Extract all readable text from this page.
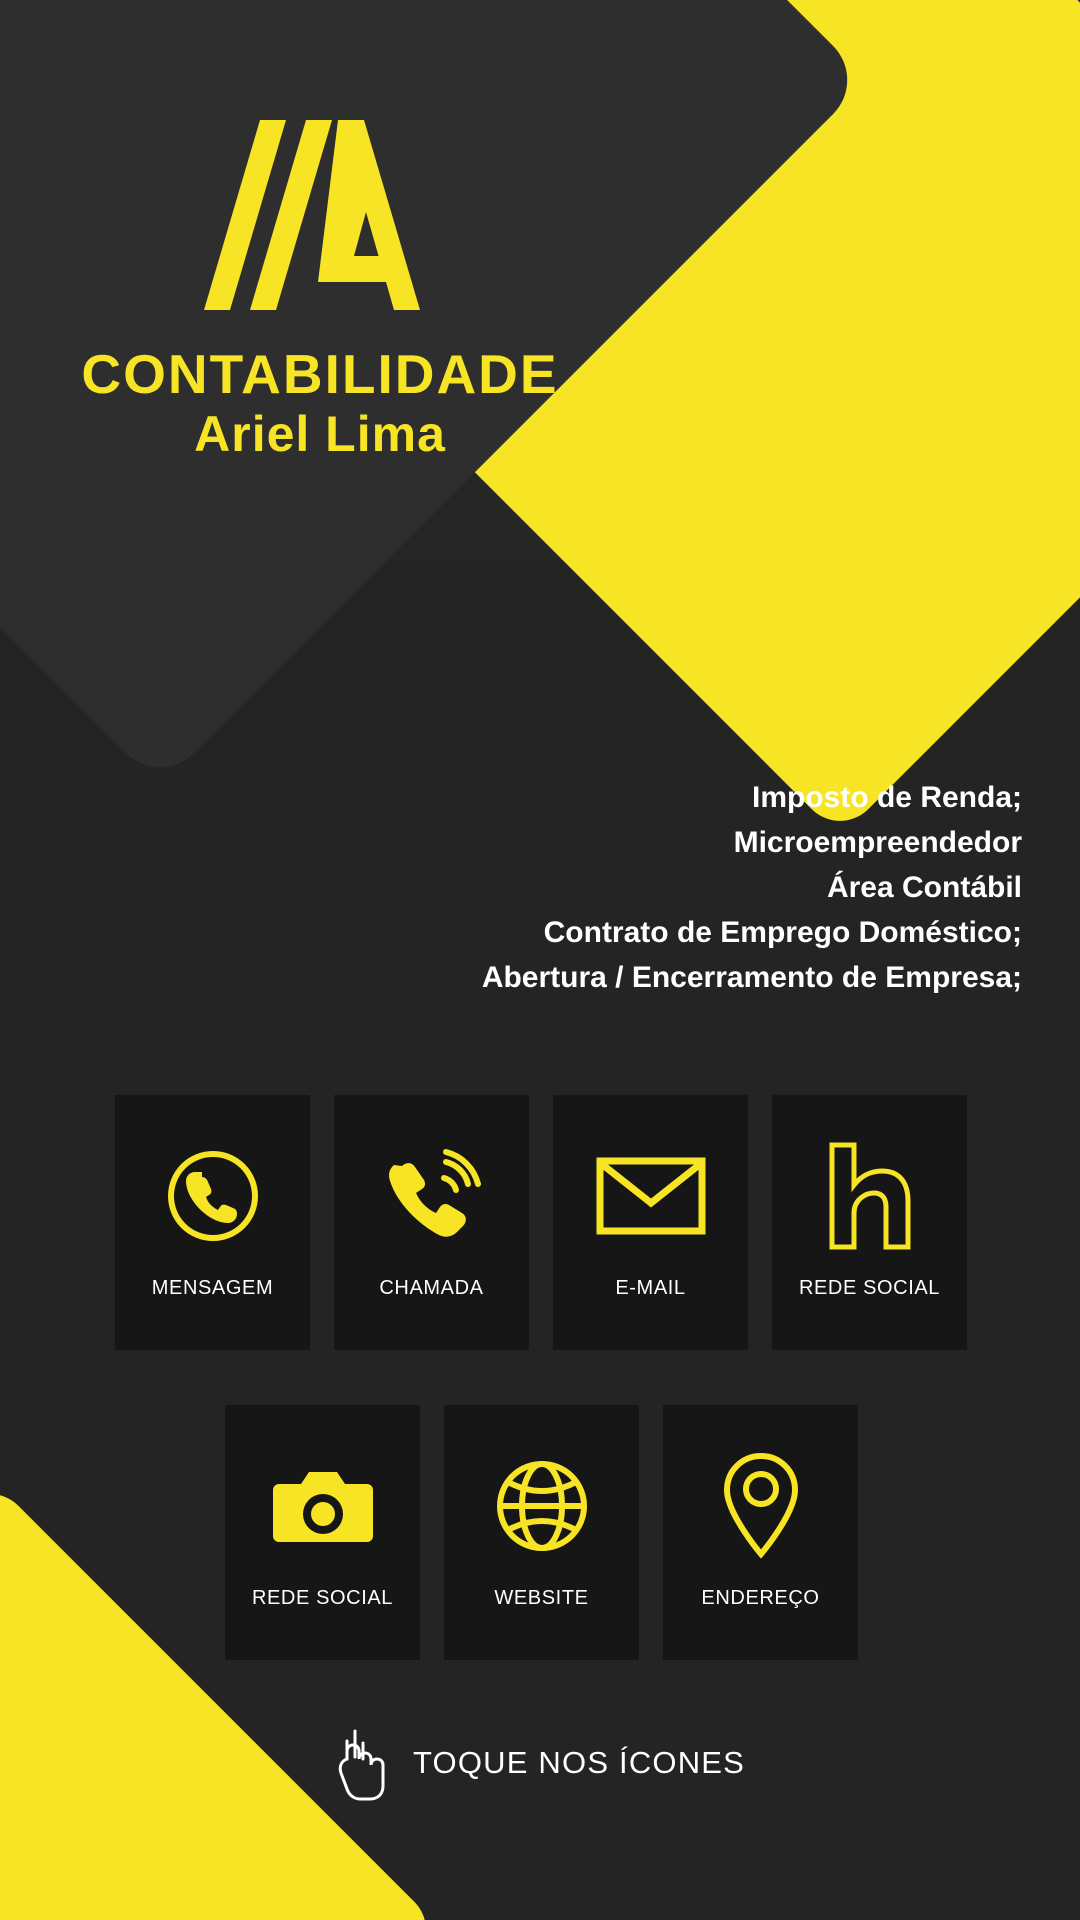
CONTABILIDADE

Ariel Lima

Imposto de Renda;
Microempreendedor
Área Contábil
Contrato de Emprego Doméstico;
Abertura / Encerramento de Empresa;
MENSAGEM	CHAMADA	E-MAIL	REDE SOCIAL
REDE SOCIAL	WEBSITE	ENDEREÇO
TOQUE NOS ÍCONES
